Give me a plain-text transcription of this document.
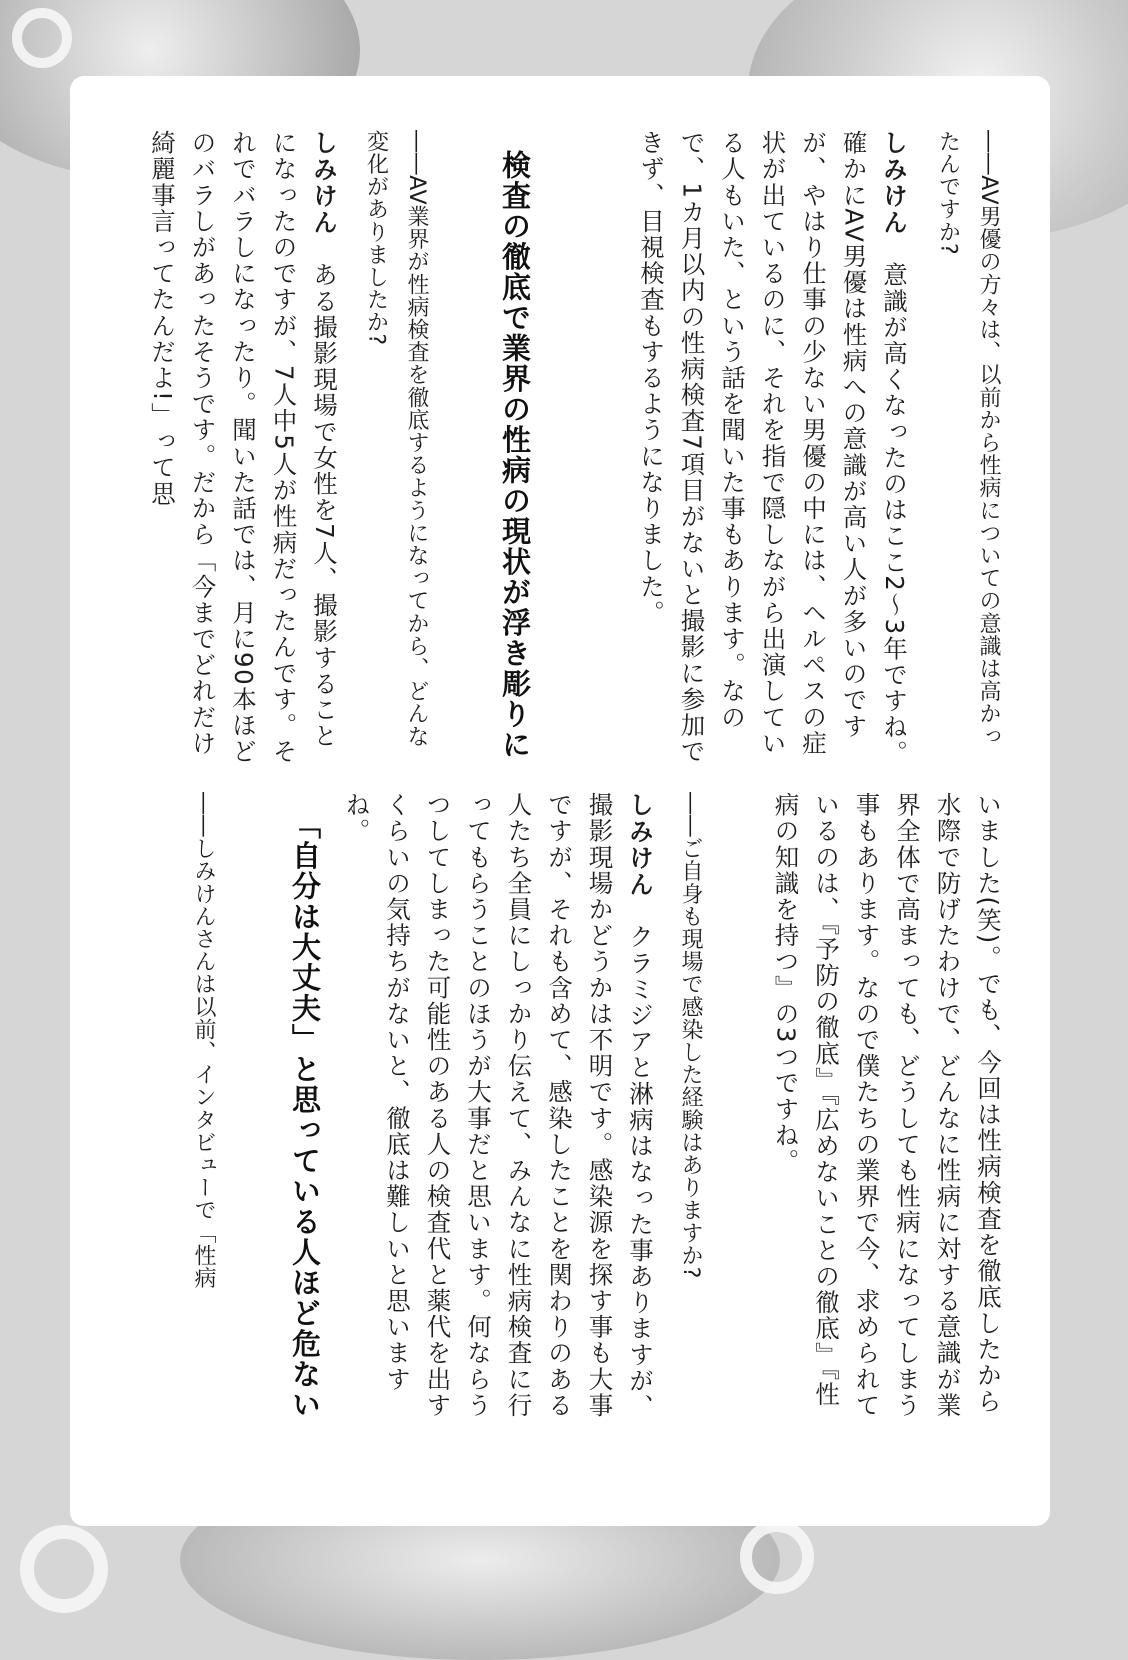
――AV男優の方々は、以前から性病についての意識は高かったんですか?
しみけん　意識が高くなったのはここ2～3年ですね。確かにAV男優は性病への意識が高い人が多いのですが、やはり仕事の少ない男優の中には、ヘルペスの症状が出ているのに、それを指で隠しながら出演している人もいた、という話を聞いた事もあります。なので、1カ月以内の性病検査7項目がないと撮影に参加できず、目視検査もするようになりました。
検査の徹底で業界の性病の現状が浮き彫りに
――AV業界が性病検査を徹底するようになってから、どんな変化がありましたか?
しみけん　ある撮影現場で女性を7人、撮影することになったのですが、7人中5人が性病だったんです。それでバラしになったり。聞いた話では、月に90本ほどのバラしがあったそうです。だから「今までどれだけ綺麗事言ってたんだよ!」って思
いました(笑)。でも、今回は性病検査を徹底したから水際で防げたわけで、どんなに性病に対する意識が業界全体で高まっても、どうしても性病になってしまう事もあります。なので僕たちの業界で今、求められているのは、『予防の徹底』『広めないことの徹底』『性病の知識を持つ』の3つですね。
――ご自身も現場で感染した経験はありますか?
しみけん　クラミジアと淋病はなった事ありますが、撮影現場かどうかは不明です。感染源を探す事も大事ですが、それも含めて、感染したことを関わりのある人たち全員にしっかり伝えて、みんなに性病検査に行ってもらうことのほうが大事だと思います。何ならうつしてしまった可能性のある人の検査代と薬代を出すくらいの気持ちがないと、徹底は難しいと思いますね。
「自分は大丈夫」と思っている人ほど危ない
――しみけんさんは以前、インタビューで「性病
